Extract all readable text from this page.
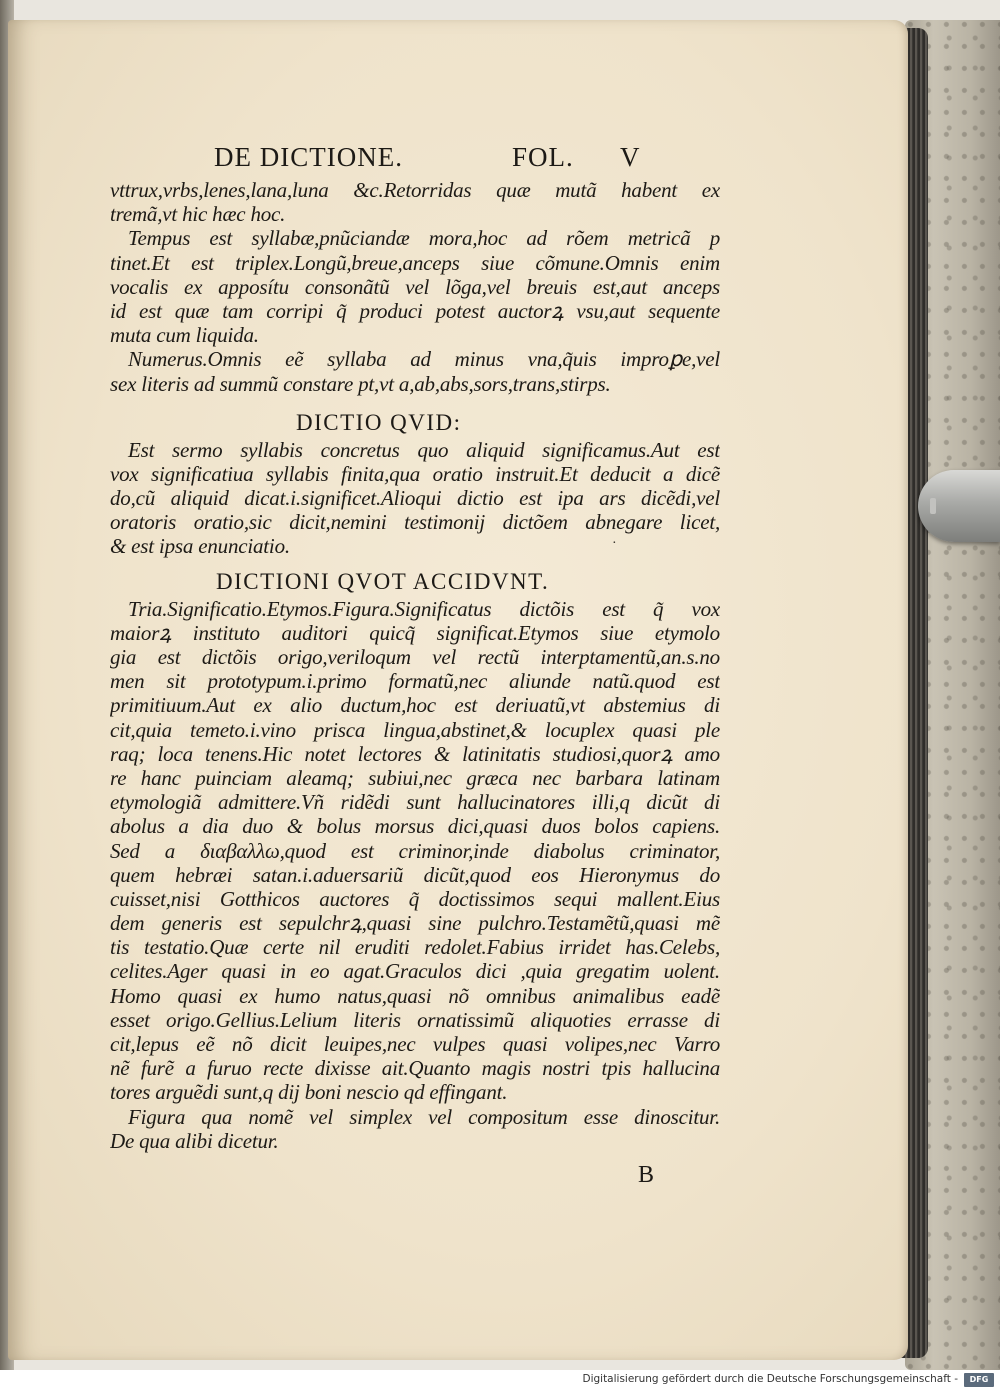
DE DICTIONE.	FOL. V
vttrux,vrbs,lenes,lana,luna &c.Retorridas quæ mutã habent ex
tremã,vt hic hæc hoc.
Tempus est syllabæ,pnũciandæ mora,hoc ad rõem metricã p
tinet.Et est triplex.Longũ,breue,anceps siue cõmune.Omnis enim
vocalis ex apposítu consonãtũ vel lõga,vel breuis est,aut anceps
id est quæ tam corripi q̃ produci potest auctorꝝ vsu,aut sequente
muta cum liquida.
Numerus.Omnis eẽ syllaba ad minus vna,q̃uis improꝑe,vel
sex literis ad summũ constare pt,vt a,ab,abs,sors,trans,stirps.
DICTIO QVID:
Est sermo syllabis concretus quo aliquid significamus.Aut est
vox significatiua syllabis finita,qua oratio instruit.Et deducit a dicẽ
do,cũ aliquid dicat.i.significet.Alioqui dictio est ipa ars dicẽdi,vel
oratoris oratio,sic dicit,nemini testimonij dictõem abnegare licet,
& est ipsa enunciatio.
DICTIONI QVOT ACCIDVNT.
Tria.Significatio.Etymos.Figura.Significatus dictõis est q̃ vox
maiorꝝ instituto auditori quicq̃ significat.Etymos siue etymolo
gia est dictõis origo,veriloqum vel rectũ interptamentũ,an.s.no
men sit prototypum.i.primo formatũ,nec aliunde natũ.quod est
primitiuum.Aut ex alio ductum,hoc est deriuatũ,vt abstemius di
cit,quia temeto.i.vino prisca lingua,abstinet,& locuplex quasi ple
raq; loca tenens.Hic notet lectores & latinitatis studiosi,quorꝝ amo
re hanc puinciam aleamq; subiui,nec græca nec barbara latinam
etymologiã admittere.Vñ ridẽdi sunt hallucinatores illi,q dicũt di
abolus a dia duo & bolus morsus dici,quasi duos bolos capiens.
Sed a διαβαλλω,quod est criminor,inde diabolus criminator,
quem hebræi satan.i.aduersariũ dicũt,quod eos Hieronymus do
cuisset,nisi Gotthicos auctores q̃ doctissimos sequi mallent.Eius
dem generis est sepulchrꝝ,quasi sine pulchro.Testamẽtũ,quasi mẽ
tis testatio.Quæ certe nil eruditi redolet.Fabius irridet has.Celebs,
celites.Ager quasi in eo agat.Graculos dici ,quia gregatim uolent.
Homo quasi ex humo natus,quasi nõ omnibus animalibus eadẽ
esset origo.Gellius.Lelium literis ornatissimũ aliquoties errasse di
cit,lepus eẽ nõ dicit leuipes,nec vulpes quasi volipes,nec Varro
nẽ furẽ a furuo recte dixisse ait.Quanto magis nostri tpis hallucina
tores arguẽdi sunt,q dij boni nescio qd effingant.
Figura qua nomẽ vel simplex vel compositum esse dinoscitur.
De qua alibi dicetur.
B
·
Digitalisierung gefördert durch die Deutsche Forschungsgemeinschaft -	DFG
